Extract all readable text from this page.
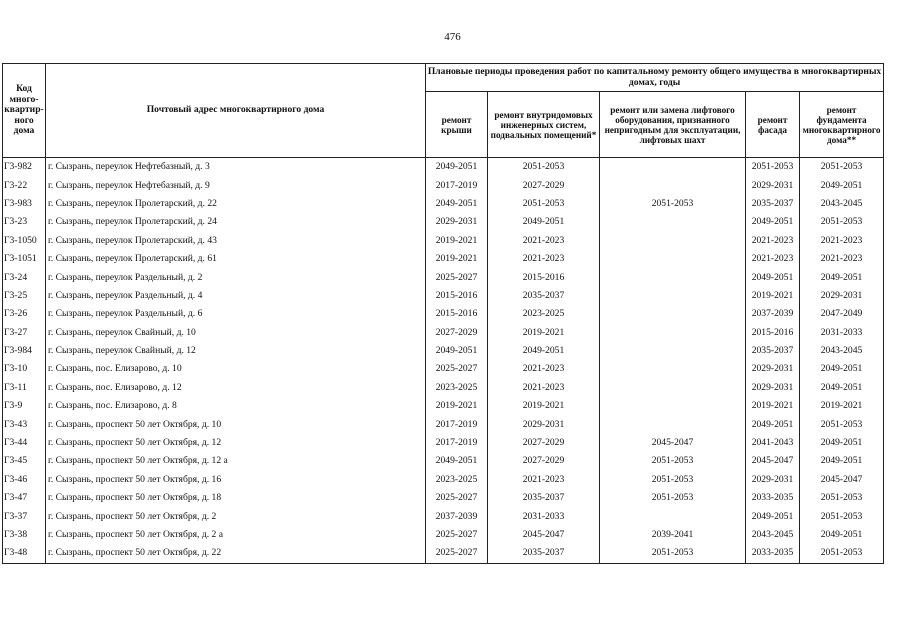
476
Код много-квартир-ного дома	Почтовый адрес многоквартирного дома	Плановые периоды проведения работ по капитальному ремонту общего имущества в многоквартирных домах, годы				
		ремонт крыши	ремонт внутридомовых инженерных систем, подвальных помещений*	ремонт или замена лифтового оборудования, признанного непригодным для эксплуатации, лифтовых шахт	ремонт фасада	ремонт фундамента многоквартирного дома**
Г3-982	г. Сызрань, переулок Нефтебазный, д. 3	2049-2051	2051-2053		2051-2053	2051-2053
Г3-22	г. Сызрань, переулок Нефтебазный, д. 9	2017-2019	2027-2029		2029-2031	2049-2051
Г3-983	г. Сызрань, переулок Пролетарский, д. 22	2049-2051	2051-2053	2051-2053	2035-2037	2043-2045
Г3-23	г. Сызрань, переулок Пролетарский, д. 24	2029-2031	2049-2051		2049-2051	2051-2053
Г3-1050	г. Сызрань, переулок Пролетарский, д. 43	2019-2021	2021-2023		2021-2023	2021-2023
Г3-1051	г. Сызрань, переулок Пролетарский, д. 61	2019-2021	2021-2023		2021-2023	2021-2023
Г3-24	г. Сызрань, переулок Раздельный, д. 2	2025-2027	2015-2016		2049-2051	2049-2051
Г3-25	г. Сызрань, переулок Раздельный, д. 4	2015-2016	2035-2037		2019-2021	2029-2031
Г3-26	г. Сызрань, переулок Раздельный, д. 6	2015-2016	2023-2025		2037-2039	2047-2049
Г3-27	г. Сызрань, переулок Свайный, д. 10	2027-2029	2019-2021		2015-2016	2031-2033
Г3-984	г. Сызрань, переулок Свайный, д. 12	2049-2051	2049-2051		2035-2037	2043-2045
Г3-10	г. Сызрань, пос. Елизарово, д. 10	2025-2027	2021-2023		2029-2031	2049-2051
Г3-11	г. Сызрань, пос. Елизарово, д. 12	2023-2025	2021-2023		2029-2031	2049-2051
Г3-9	г. Сызрань, пос. Елизарово, д. 8	2019-2021	2019-2021		2019-2021	2019-2021
Г3-43	г. Сызрань, проспект 50 лет Октября, д. 10	2017-2019	2029-2031		2049-2051	2051-2053
Г3-44	г. Сызрань, проспект 50 лет Октября, д. 12	2017-2019	2027-2029	2045-2047	2041-2043	2049-2051
Г3-45	г. Сызрань, проспект 50 лет Октября, д. 12 а	2049-2051	2027-2029	2051-2053	2045-2047	2049-2051
Г3-46	г. Сызрань, проспект 50 лет Октября, д. 16	2023-2025	2021-2023	2051-2053	2029-2031	2045-2047
Г3-47	г. Сызрань, проспект 50 лет Октября, д. 18	2025-2027	2035-2037	2051-2053	2033-2035	2051-2053
Г3-37	г. Сызрань, проспект 50 лет Октября, д. 2	2037-2039	2031-2033		2049-2051	2051-2053
Г3-38	г. Сызрань, проспект 50 лет Октября, д. 2 а	2025-2027	2045-2047	2039-2041	2043-2045	2049-2051
Г3-48	г. Сызрань, проспект 50 лет Октября, д. 22	2025-2027	2035-2037	2051-2053	2033-2035	2051-2053
